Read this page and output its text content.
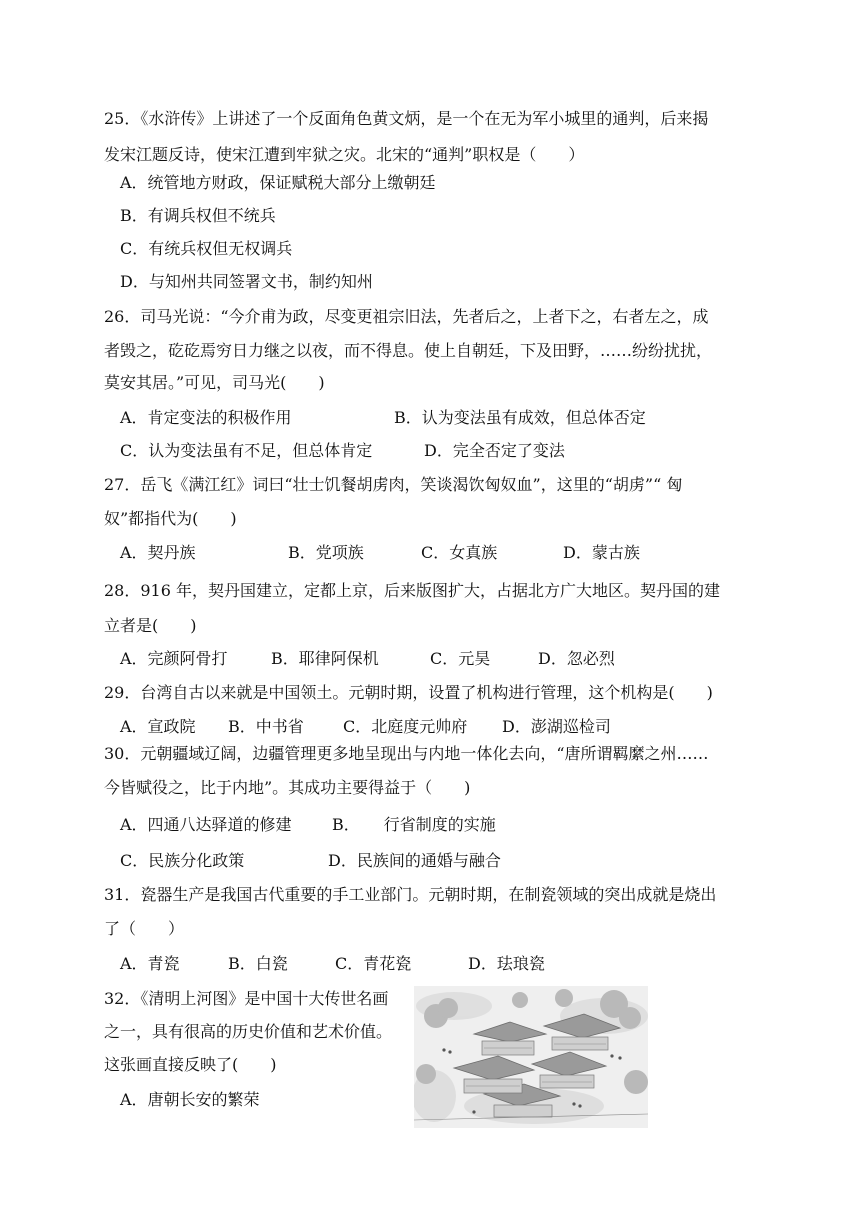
25．《水浒传》上讲述了一个反面角色黄文炳，是一个在无为军小城里的通判，后来揭
发宋江题反诗，使宋江遭到牢狱之灾。北宋的“通判”职权是（　　）
A．统管地方财政，保证赋税大部分上缴朝廷
B．有调兵权但不统兵
C．有统兵权但无权调兵
D．与知州共同签署文书，制约知州
26．司马光说：“今介甫为政，尽变更祖宗旧法，先者后之，上者下之，右者左之，成
者毁之，矻矻焉穷日力继之以夜，而不得息。使上自朝廷，下及田野，……纷纷扰扰，
莫安其居。”可见，司马光(　　)
A．肯定变法的积极作用	B．认为变法虽有成效，但总体否定
C．认为变法虽有不足，但总体肯定	D．完全否定了变法
27．岳飞《满江红》词曰“壮士饥餐胡虏肉，笑谈渴饮匈奴血”，这里的“胡虏”“ 匈
奴”都指代为(　　)
A．契丹族	B．党项族	C．女真族	D．蒙古族
28．916 年，契丹国建立，定都上京，后来版图扩大，占据北方广大地区。契丹国的建
立者是(　　)
A．完颜阿骨打	B．耶律阿保机	C．元昊	D．忽必烈
29．台湾自古以来就是中国领土。元朝时期，设置了机构进行管理，这个机构是(　　)
A．宣政院 B．中书省 C．北庭度元帅府 D．澎湖巡检司
30．元朝疆域辽阔，边疆管理更多地呈现出与内地一体化去向，“唐所谓羁縻之州……
今皆赋役之，比于内地”。其成功主要得益于（　　)
A．四通八达驿道的修建	B．　　行省制度的实施
C．民族分化政策	D．民族间的通婚与融合
31．瓷器生产是我国古代重要的手工业部门。元朝时期，在制瓷领域的突出成就是烧出
了（　　）
A．青瓷	B．白瓷	C．青花瓷	D．珐琅瓷
32．《清明上河图》是中国十大传世名画
之一，具有很高的历史价值和艺术价值。
这张画直接反映了(　　)
A．唐朝长安的繁荣
